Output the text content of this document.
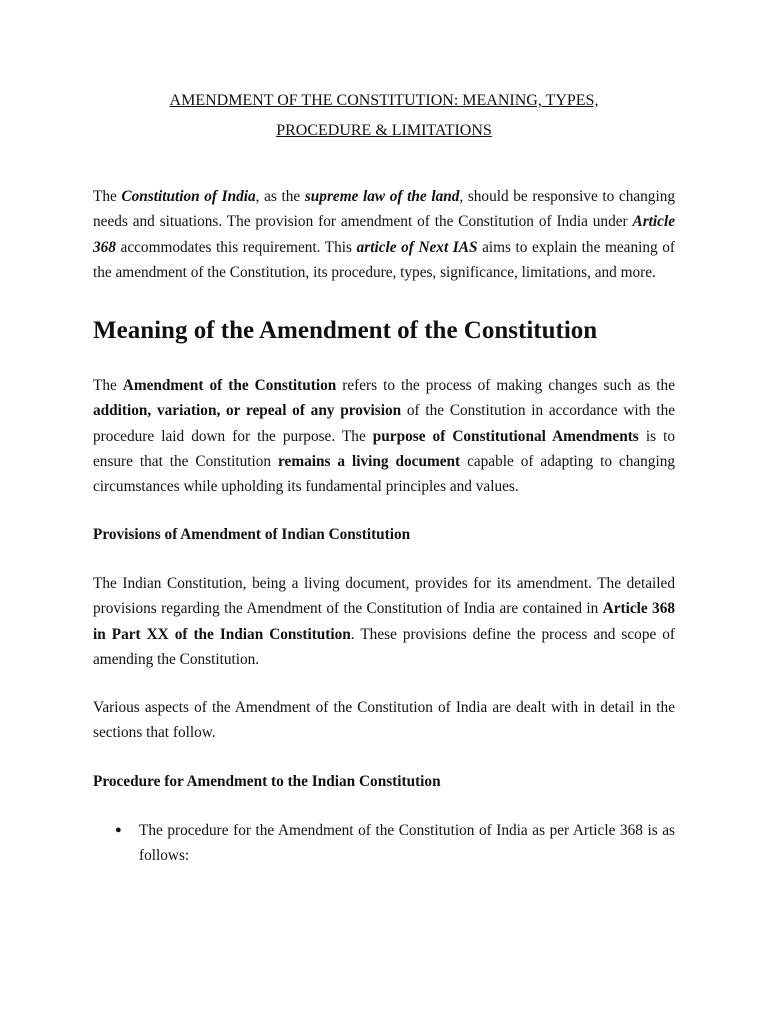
AMENDMENT OF THE CONSTITUTION: MEANING, TYPES,
PROCEDURE & LIMITATIONS

The Constitution of India, as the supreme law of the land, should be responsive to changing needs and situations. The provision for amendment of the Constitution of India under Article 368 accommodates this requirement. This article of Next IAS aims to explain the meaning of the amendment of the Constitution, its procedure, types, significance, limitations, and more.

Meaning of the Amendment of the Constitution

The Amendment of the Constitution refers to the process of making changes such as the addition, variation, or repeal of any provision of the Constitution in accordance with the procedure laid down for the purpose. The purpose of Constitutional Amendments is to ensure that the Constitution remains a living document capable of adapting to changing circumstances while upholding its fundamental principles and values.

Provisions of Amendment of Indian Constitution

The Indian Constitution, being a living document, provides for its amendment. The detailed provisions regarding the Amendment of the Constitution of India are contained in Article 368 in Part XX of the Indian Constitution. These provisions define the process and scope of amending the Constitution.

Various aspects of the Amendment of the Constitution of India are dealt with in detail in the sections that follow.

Procedure for Amendment to the Indian Constitution
●	The procedure for the Amendment of the Constitution of India as per Article 368 is as follows:
